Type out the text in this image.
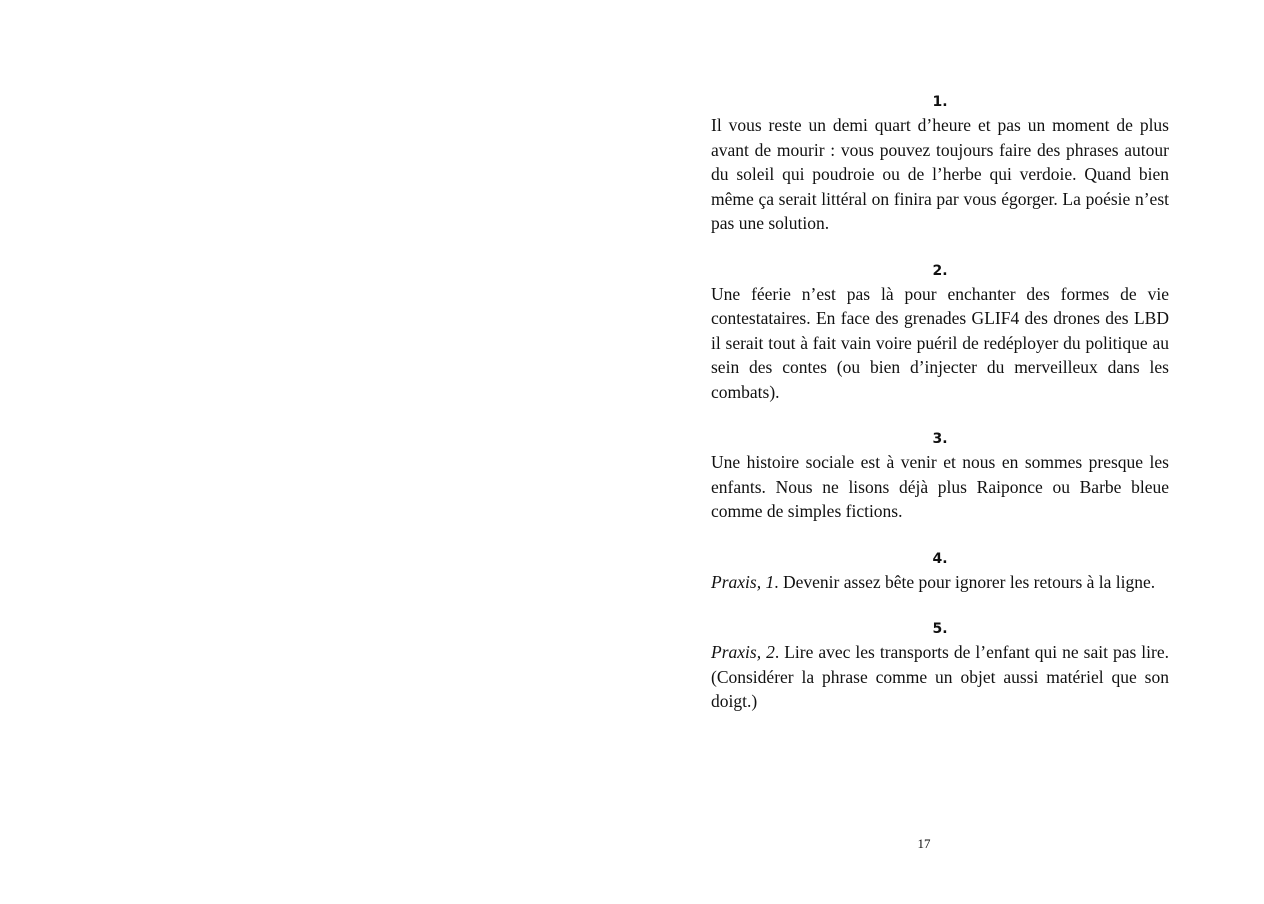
1.

Il vous reste un demi quart d’heure et pas un moment de plus avant de mourir : vous pouvez toujours faire des phrases autour du soleil qui poudroie ou de l’herbe qui verdoie. Quand bien même ça serait littéral on finira par vous égorger. La poésie n’est pas une solution.

2.

Une féerie n’est pas là pour enchanter des formes de vie contestataires. En face des grenades GLIF4 des drones des LBD il serait tout à fait vain voire puéril de redéployer du politique au sein des contes (ou bien d’injecter du merveilleux dans les combats).

3.

Une histoire sociale est à venir et nous en sommes presque les enfants. Nous ne lisons déjà plus Raiponce ou Barbe bleue comme de simples fictions.

4.

Praxis, 1. Devenir assez bête pour ignorer les retours à la ligne.

5.

Praxis, 2. Lire avec les transports de l’enfant qui ne sait pas lire. (Considérer la phrase comme un objet aussi matériel que son doigt.)

17
